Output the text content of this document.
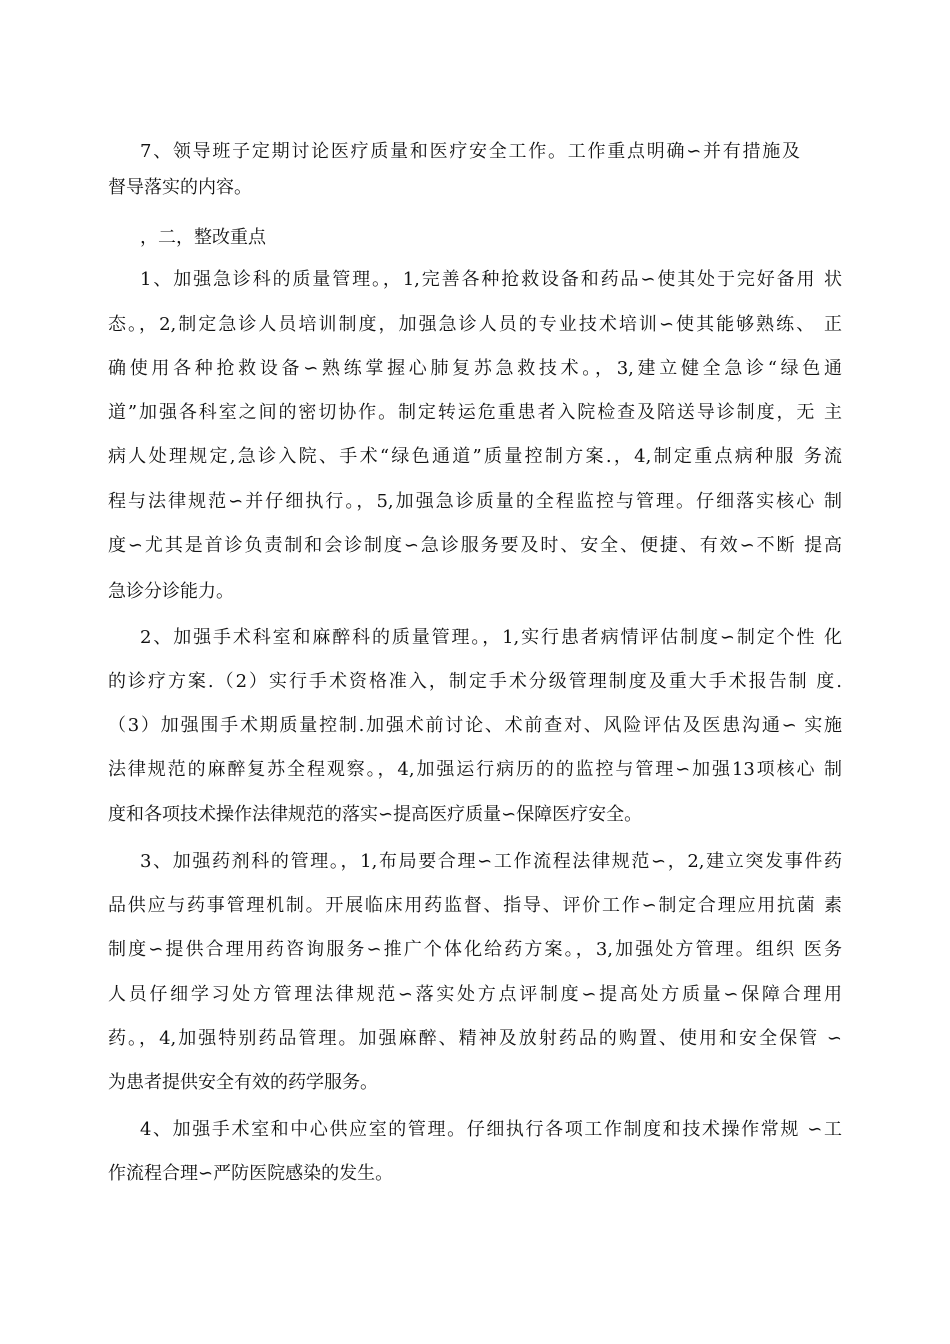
7、领导班子定期讨论医疗质量和医疗安全工作。工作重点明确∽并有措施及
督导落实的内容。
，二，整改重点
1、加强急诊科的质量管理。，1,完善各种抢救设备和药品∽使其处于完好备用 状
态。，2,制定急诊人员培训制度，加强急诊人员的专业技术培训∽使其能够熟练、 正
确使用各种抢救设备∽熟练掌握心肺复苏急救技术。，3,建立健全急诊“绿色通
道”加强各科室之间的密切协作。制定转运危重患者入院检查及陪送导诊制度，无 主
病人处理规定,急诊入院、手术“绿色通道”质量控制方案.，4,制定重点病种服 务流
程与法律规范∽并仔细执行。，5,加强急诊质量的全程监控与管理。仔细落实核心 制
度∽尤其是首诊负责制和会诊制度∽急诊服务要及时、安全、便捷、有效∽不断 提高
急诊分诊能力。
2、加强手术科室和麻醉科的质量管理。，1,实行患者病情评估制度∽制定个性 化
的诊疗方案.（2）实行手术资格准入，制定手术分级管理制度及重大手术报告制 度.
（3）加强围手术期质量控制.加强术前讨论、术前查对、风险评估及医患沟通∽ 实施
法律规范的麻醉复苏全程观察。，4,加强运行病历的的监控与管理∽加强13项核心 制
度和各项技术操作法律规范的落实∽提高医疗质量∽保障医疗安全。
3、加强药剂科的管理。，1,布局要合理∽工作流程法律规范∽，2,建立突发事件药
品供应与药事管理机制。开展临床用药监督、指导、评价工作∽制定合理应用抗菌 素
制度∽提供合理用药咨询服务∽推广个体化给药方案。，3,加强处方管理。组织 医务
人员仔细学习处方管理法律规范∽落实处方点评制度∽提高处方质量∽保障合理用
药。，4,加强特别药品管理。加强麻醉、精神及放射药品的购置、使用和安全保管 ∽
为患者提供安全有效的药学服务。
4、加强手术室和中心供应室的管理。仔细执行各项工作制度和技术操作常规 ∽工
作流程合理∽严防医院感染的发生。
